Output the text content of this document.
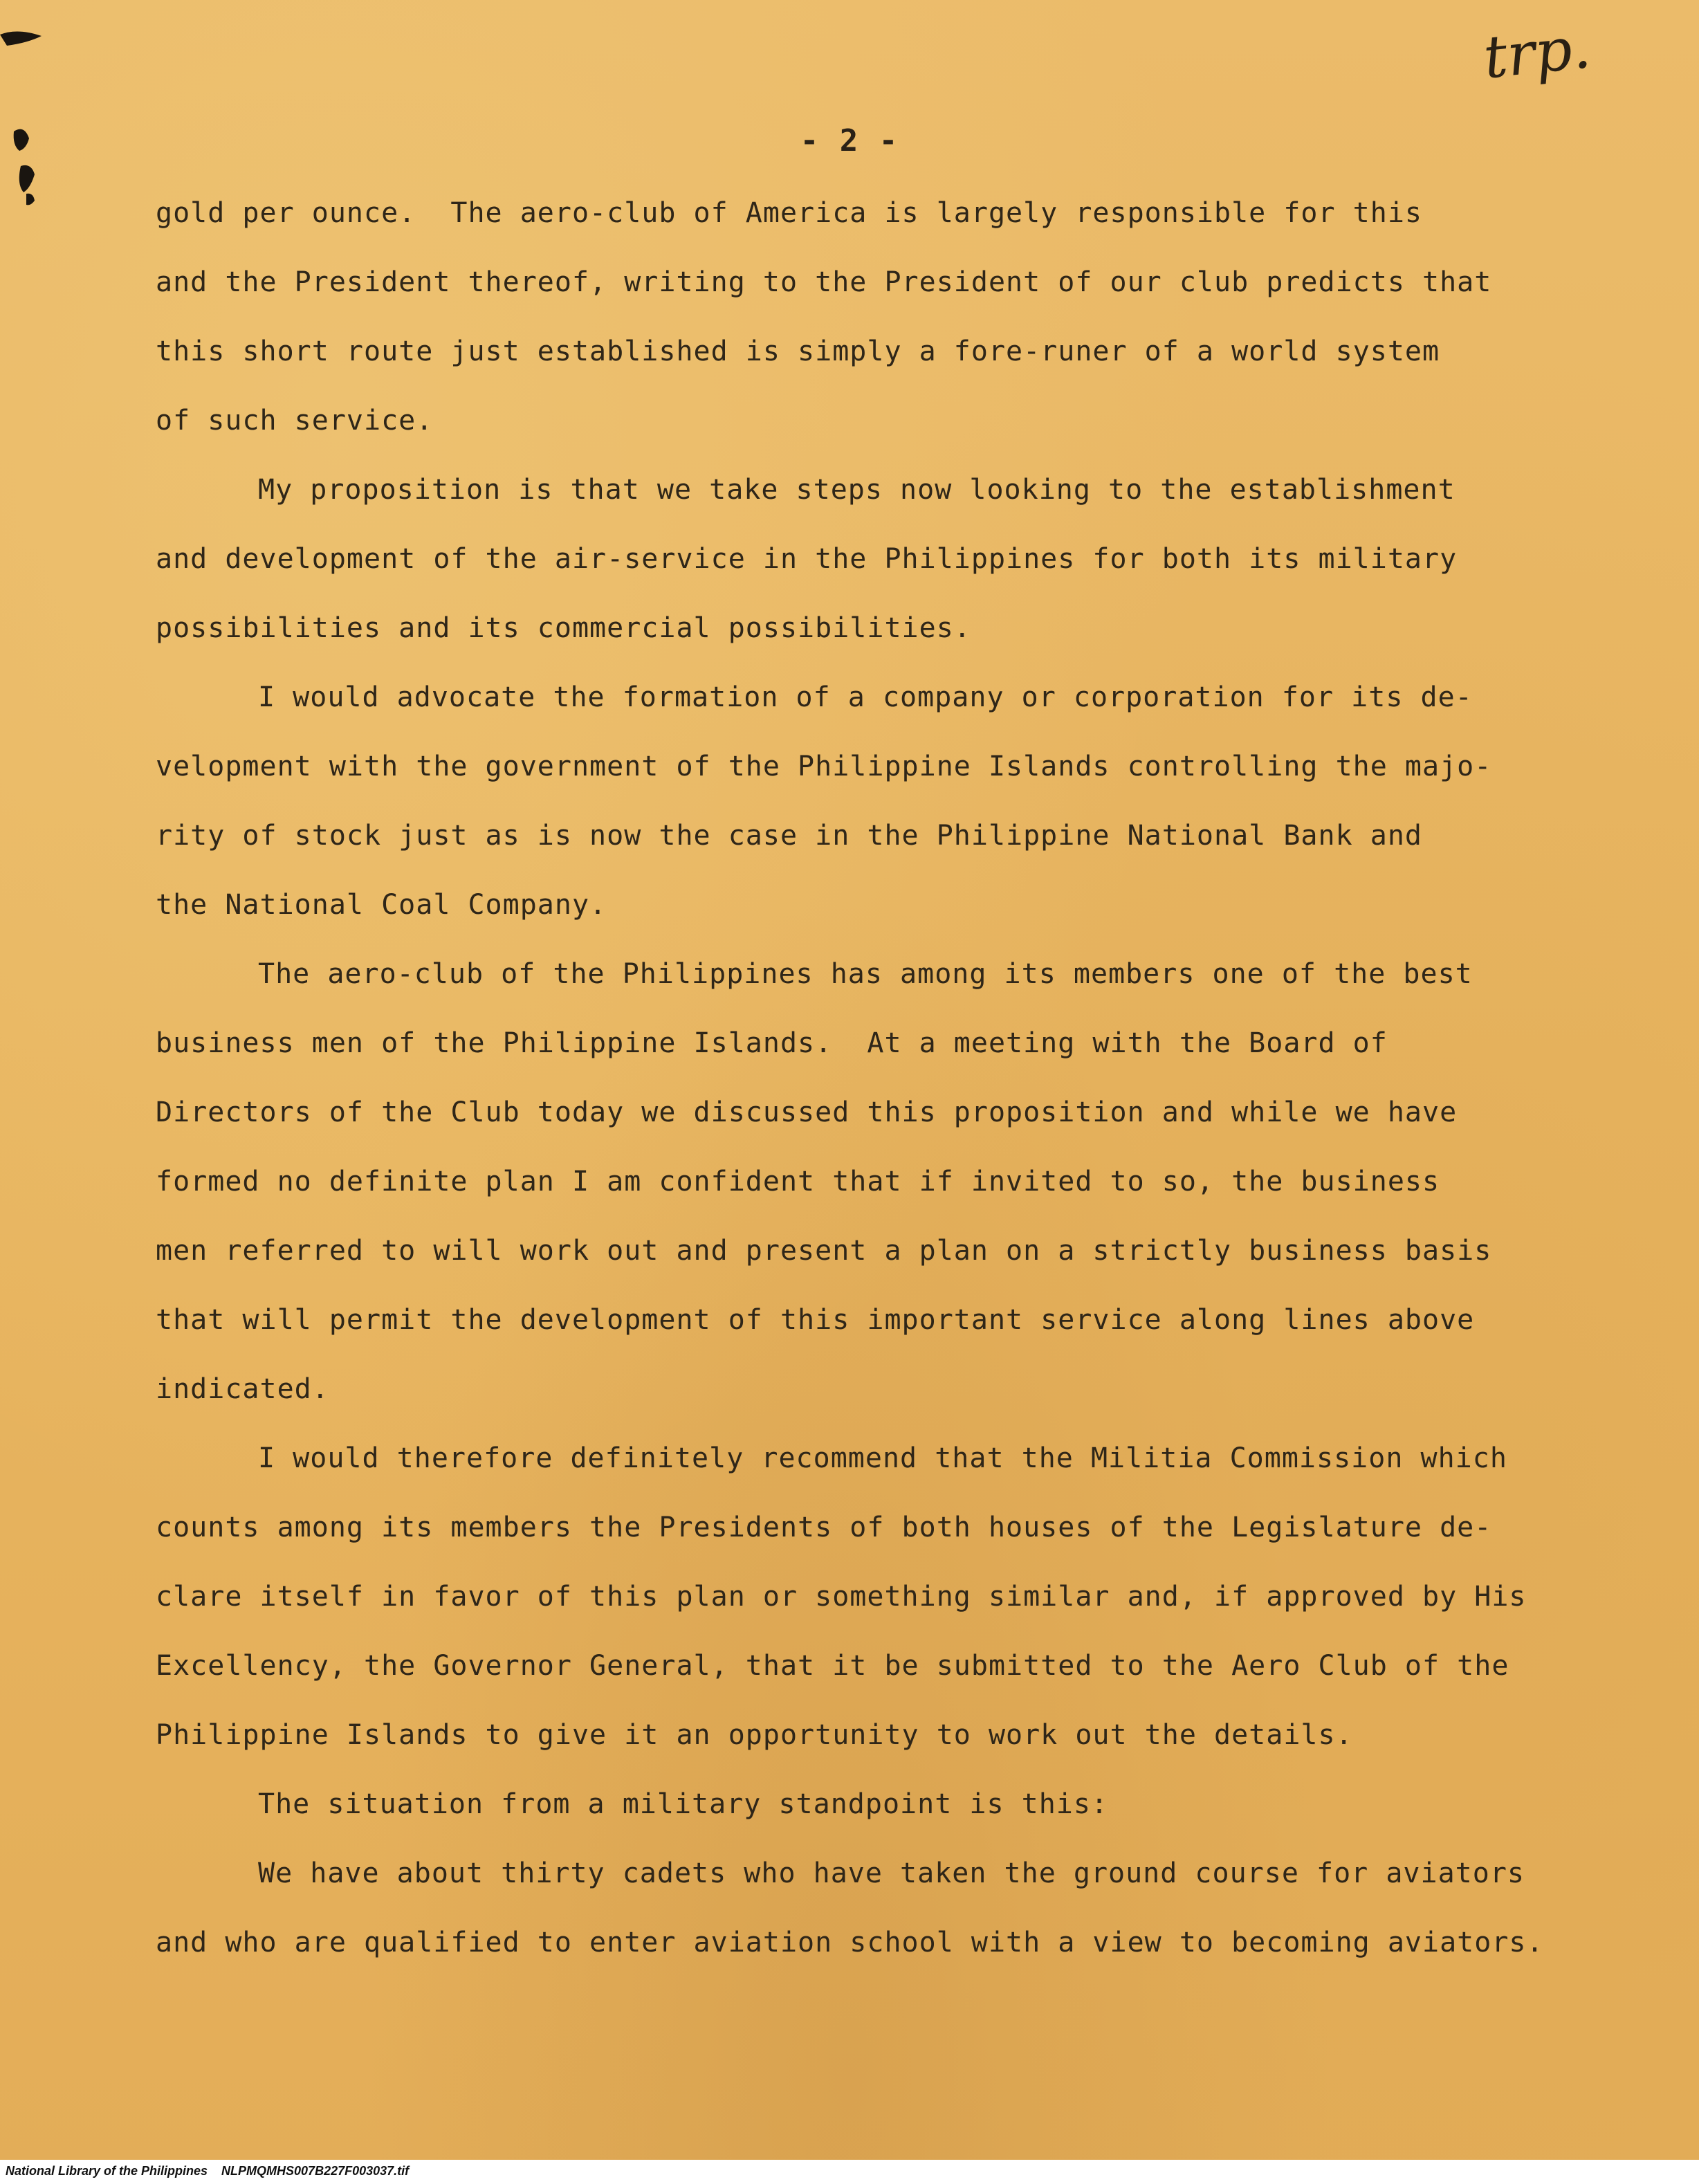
trp.

- 2 -

gold per ounce.  The aero-club of America is largely responsible for this

and the President thereof, writing to the President of our club predicts that

this short route just established is simply a fore-runer of a world system

of such service.

My proposition is that we take steps now looking to the establishment

and development of the air-service in the Philippines for both its military

possibilities and its commercial possibilities.

I would advocate the formation of a company or corporation for its de-

velopment with the government of the Philippine Islands controlling the majo-

rity of stock just as is now the case in the Philippine National Bank and

the National Coal Company.

The aero-club of the Philippines has among its members one of the best

business men of the Philippine Islands.  At a meeting with the Board of

Directors of the Club today we discussed this proposition and while we have

formed no definite plan I am confident that if invited to so, the business

men referred to will work out and present a plan on a strictly business basis

that will permit the development of this important service along lines above

indicated.

I would therefore definitely recommend that the Militia Commission which

counts among its members the Presidents of both houses of the Legislature de-

clare itself in favor of this plan or something similar and, if approved by His

Excellency, the Governor General, that it be submitted to the Aero Club of the

Philippine Islands to give it an opportunity to work out the details.

The situation from a military standpoint is this:

We have about thirty cadets who have taken the ground course for aviators

and who are qualified to enter aviation school with a view to becoming aviators.

National Library of the Philippines    NLPMQMHS007B227F003037.tif
